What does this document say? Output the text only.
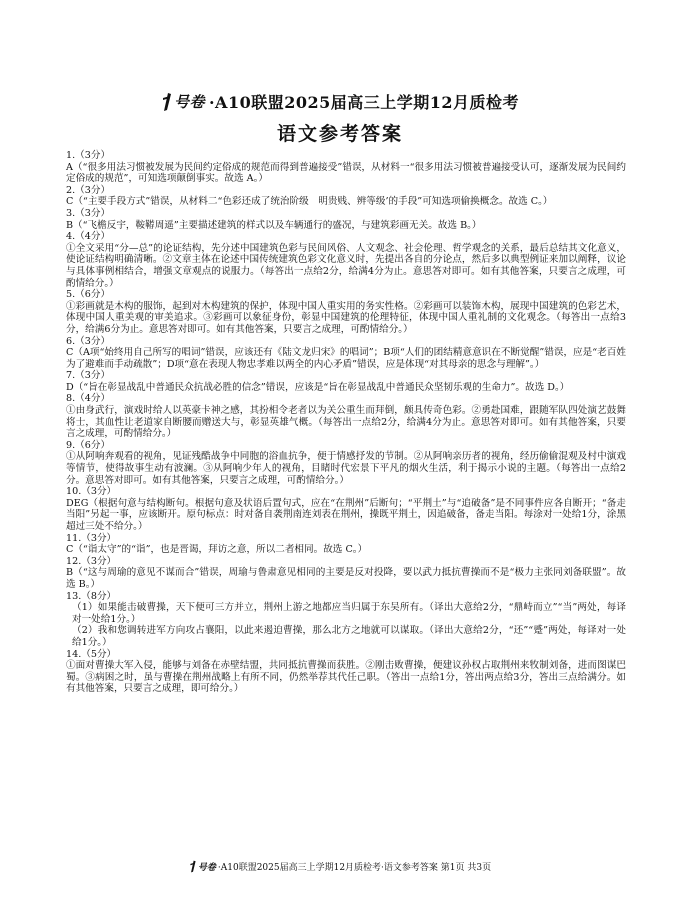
号卷 ·A10联盟2025届高三上学期12月质检考
语文参考答案
1.（3分）

A（“很多用法习惯被发展为民间约定俗成的规范而得到普遍接受”错误，从材料一“很多用法习惯被普遍接受认可，逐渐发展为民间约定俗成的规范”，可知选项颠倒事实。故选 A。）

2.（3分）

C（“主要手段方式”错误，从材料二“色彩还成了统治阶级　明贵贱、辨等级’的手段”可知选项偷换概念。故选 C。）

3.（3分）

B（“飞檐反宇，鞍鞯周遥”主要描述建筑的样式以及车辆通行的盛况，与建筑彩画无关。故选 B。）

4.（4分）

①全文采用“分—总”的论证结构，先分述中国建筑色彩与民间风俗、人文观念、社会伦理、哲学观念的关系，最后总结其文化意义，使论证结构明确清晰。②文章主体在论述中国传统建筑色彩文化意义时，先提出各自的分论点，然后多以典型例证来加以阐释，议论与具体事例相结合，增强文章观点的说服力。（每答出一点给2分，给满4分为止。意思答对即可。如有其他答案，只要言之成理，可酌情给分。）

5.（6分）

①彩画就是木构的服饰，起到对木构建筑的保护，体现中国人重实用的务实性格。②彩画可以装饰木构，展现中国建筑的色彩艺术，体现中国人重美观的审美追求。③彩画可以象征身份，彰显中国建筑的伦理特征，体现中国人重礼制的文化观念。（每答出一点给3分，给满6分为止。意思答对即可。如有其他答案，只要言之成理，可酌情给分。）

6.（3分）

C（A项“始终用自己所写的唱词”错误，应该还有《陆文龙归宋》的唱词”；B项“人们的团结精意意识在不断觉醒”错误，应是“老百姓为了避难而手动疏散”；D项“意在表现人物忠孝难以两全的内心矛盾”错误，应是体现“对其母亲的思念与理解”。）

7.（3分）

D（“旨在彰显战乱中普通民众抗战必胜的信念”错误，应该是“旨在彰显战乱中普通民众坚韧乐观的生命力”。故选 D。）

8.（4分）

①由身武行，演戏时给人以英豪卡神之感，其扮相令老者以为关公重生而拜倒，颇具传奇色彩。②勇赴国难，跟随军队四处演艺鼓舞将士，其血性让老道家自断腰而赠送大与，彰显英雄气概。（每答出一点给2分，给满4分为止。意思答对即可。如有其他答案，只要言之成理，可酌情给分。）

9.（6分）

①从阿响奔观看的视角，见证残酷战争中同胞的浴血抗争，便于情感抒发的节制。②从阿响亲历者的视角，经历偷偷混观及村中演戏等情节，使得故事生动有波澜。③从阿响少年人的视角，目睹时代宏景下平凡的烟火生活，利于揭示小说的主题。（每答出一点给2分。意思答对即可。如有其他答案，只要言之成理，可酌情给分。）

10.（3分）

DEG（根据句意与结构断句。根据句意及状语后置句式，应在“在荆州”后断句；“平荆土”与“追破备”是不同事件应各自断开；“备走当阳”另起一事，应该断开。原句标点：时对备自袭荆南连刘表在荆州，操既平荆土，因追破备，备走当阳。每涂对一处给1分，涂黑超过三处不给分。）

11.（3分）

C（“诣太守”的“诣”，也是晋谒，拜访之意，所以二者相同。故选 C。）

12.（3分）

B（“这与周瑜的意见不谋而合”错误，周瑜与鲁肃意见相同的主要是反对投降，要以武力抵抗曹操而不是“极力主张同刘备联盟”。故选 B。）

13.（8分）

（1）如果能击破曹操，天下便可三方并立，荆州上游之地都应当归属于东吴所有。（译出大意给2分，“鼎峙而立”“当”两处，每译对一处给1分。）

（2）我和您调转进军方向攻占襄阳，以此来遏迫曹操，那么北方之地就可以谋取。（译出大意给2分，“还”“蹙”两处，每译对一处给1分。）

14.（5分）

①面对曹操大军入侵，能够与刘备在赤壁结盟，共同抵抗曹操而获胜。②刚击败曹操，便建议孙权占取荆州来牧制刘备，进而图谋巴蜀。③病困之时，虽与曹操在荆州战略上有所不同，仍然举荐其代任己职。（答出一点给1分，答出两点给3分，答出三点给满分。如有其他答案，只要言之成理，即可给分。）

号卷 ·A10联盟2025届高三上学期12月质检考·语文参考答案 第1页 共3页
